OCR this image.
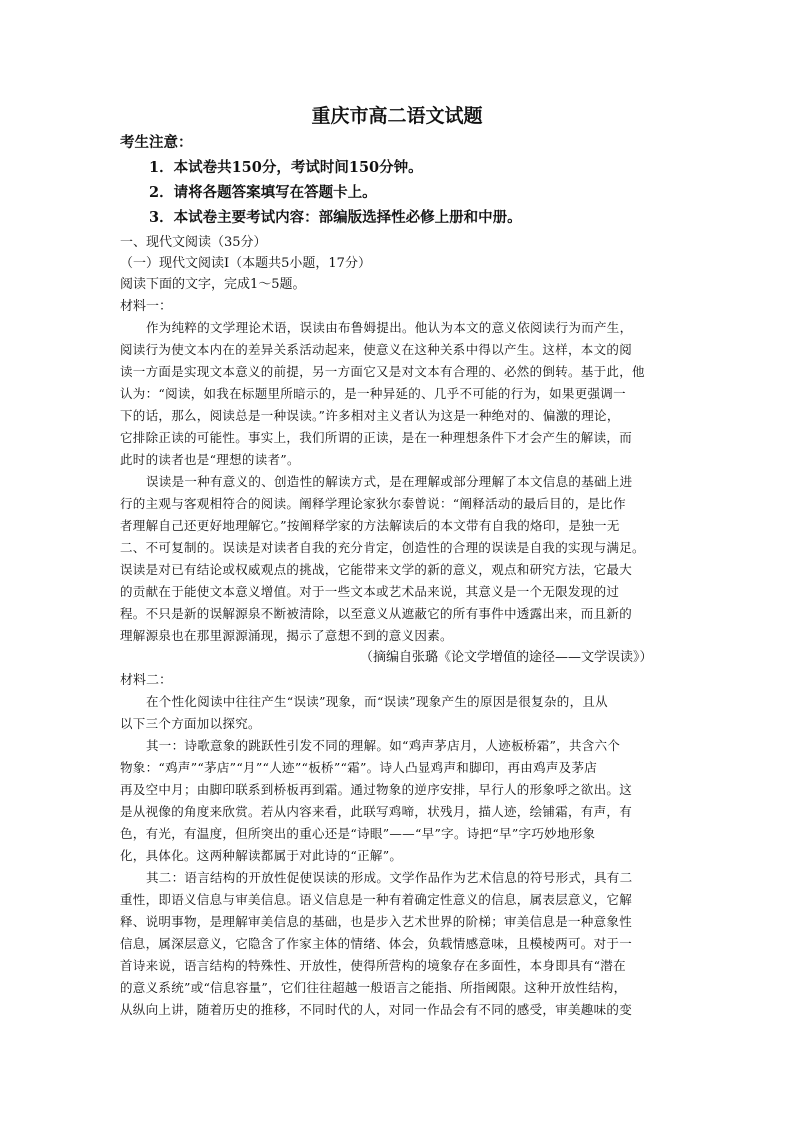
重庆市高二语文试题
考生注意：
1．本试卷共150分，考试时间150分钟。
2．请将各题答案填写在答题卡上。
3．本试卷主要考试内容：部编版选择性必修上册和中册。
一、现代文阅读（35分）
（一）现代文阅读Ⅰ（本题共5小题，17分）
阅读下面的文字，完成1～5题。
材料一：
作为纯粹的文学理论术语，误读由布鲁姆提出。他认为本文的意义依阅读行为而产生，
阅读行为使文本内在的差异关系活动起来，使意义在这种关系中得以产生。这样，本文的阅
读一方面是实现文本意义的前提，另一方面它又是对文本有合理的、必然的倒转。基于此，他
认为：“阅读，如我在标题里所暗示的，是一种异延的、几乎不可能的行为，如果更强调一
下的话，那么，阅读总是一种误读。”许多相对主义者认为这是一种绝对的、偏激的理论，
它排除正读的可能性。事实上，我们所谓的正读，是在一种理想条件下才会产生的解读，而
此时的读者也是“理想的读者”。
误读是一种有意义的、创造性的解读方式，是在理解或部分理解了本文信息的基础上进
行的主观与客观相符合的阅读。阐释学理论家狄尔泰曾说：“阐释活动的最后目的，是比作
者理解自己还更好地理解它。”按阐释学家的方法解读后的本文带有自我的烙印，是独一无
二、不可复制的。误读是对读者自我的充分肯定，创造性的合理的误读是自我的实现与满足。
误读是对已有结论或权威观点的挑战，它能带来文学的新的意义，观点和研究方法，它最大
的贡献在于能使文本意义增值。对于一些文本或艺术品来说，其意义是一个无限发现的过
程。不只是新的误解源泉不断被清除，以至意义从遮蔽它的所有事件中透露出来，而且新的
理解源泉也在那里源源涌现，揭示了意想不到的意义因素。
（摘编自张璐《论文学增值的途径——文学误读》）
材料二：
在个性化阅读中往往产生“误读”现象，而“误读”现象产生的原因是很复杂的，且从
以下三个方面加以探究。
其一：诗歌意象的跳跃性引发不同的理解。如“鸡声茅店月，人迹板桥霜”，共含六个
物象：“鸡声”“茅店”“月”“人迹”“板桥”“霜”。诗人凸显鸡声和脚印，再由鸡声及茅店
再及空中月；由脚印联系到桥板再到霜。通过物象的逆序安排，早行人的形象呼之欲出。这
是从视像的角度来欣赏。若从内容来看，此联写鸡啼，状残月，描人迹，绘铺霜，有声，有
色，有光，有温度，但所突出的重心还是“诗眼”——“早”字。诗把“早”字巧妙地形象
化，具体化。这两种解读都属于对此诗的“正解”。
其二：语言结构的开放性促使误读的形成。文学作品作为艺术信息的符号形式，具有二
重性，即语义信息与审美信息。语义信息是一种有着确定性意义的信息，属表层意义，它解
释、说明事物，是理解审美信息的基础，也是步入艺术世界的阶梯；审美信息是一种意象性
信息，属深层意义，它隐含了作家主体的情绪、体会，负载情感意味，且模棱两可。对于一
首诗来说，语言结构的特殊性、开放性，使得所营构的境象存在多面性，本身即具有“潜在
的意义系统”或“信息容量”，它们往往超越一般语言之能指、所指阈限。这种开放性结构，
从纵向上讲，随着历史的推移，不同时代的人，对同一作品会有不同的感受，审美趣味的变
